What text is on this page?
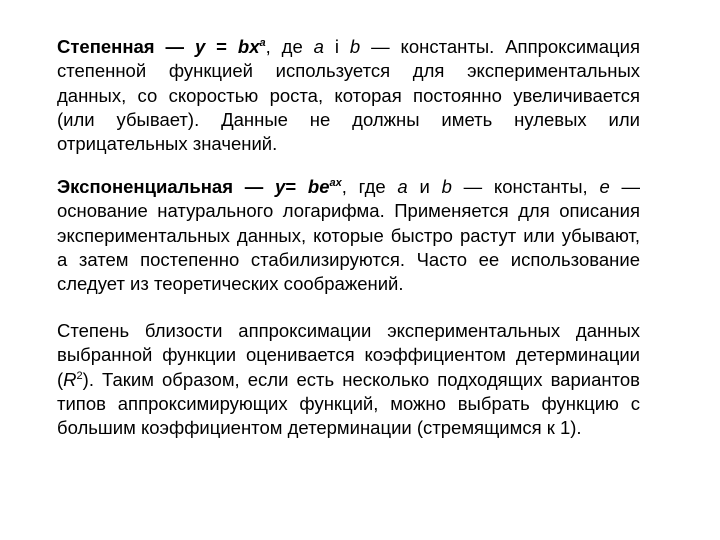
Степенная — $y = bx^a$, де a і b — константы. Аппроксимация степенной функцией используется для экспериментальных данных, со скоростью роста, которая постоянно увеличивается (или убывает). Данные не должны иметь нулевых или отрицательных значений.

Экспоненциальная — $y= be^{ax}$, где a и b — константы, e — основание натурального логарифма. Применяется для описания экспериментальных данных, которые быстро растут или убывают, а затем постепенно стабилизируются. Часто ее использование следует из теоретических соображений.

Степень близости аппроксимации экспериментальных данных выбранной функции оценивается коэффициентом детерминации $(R^2)$. Таким образом, если есть несколько подходящих вариантов типов аппроксимирующих функций, можно выбрать функцию с большим коэффициентом детерминации (стремящимся к 1).
